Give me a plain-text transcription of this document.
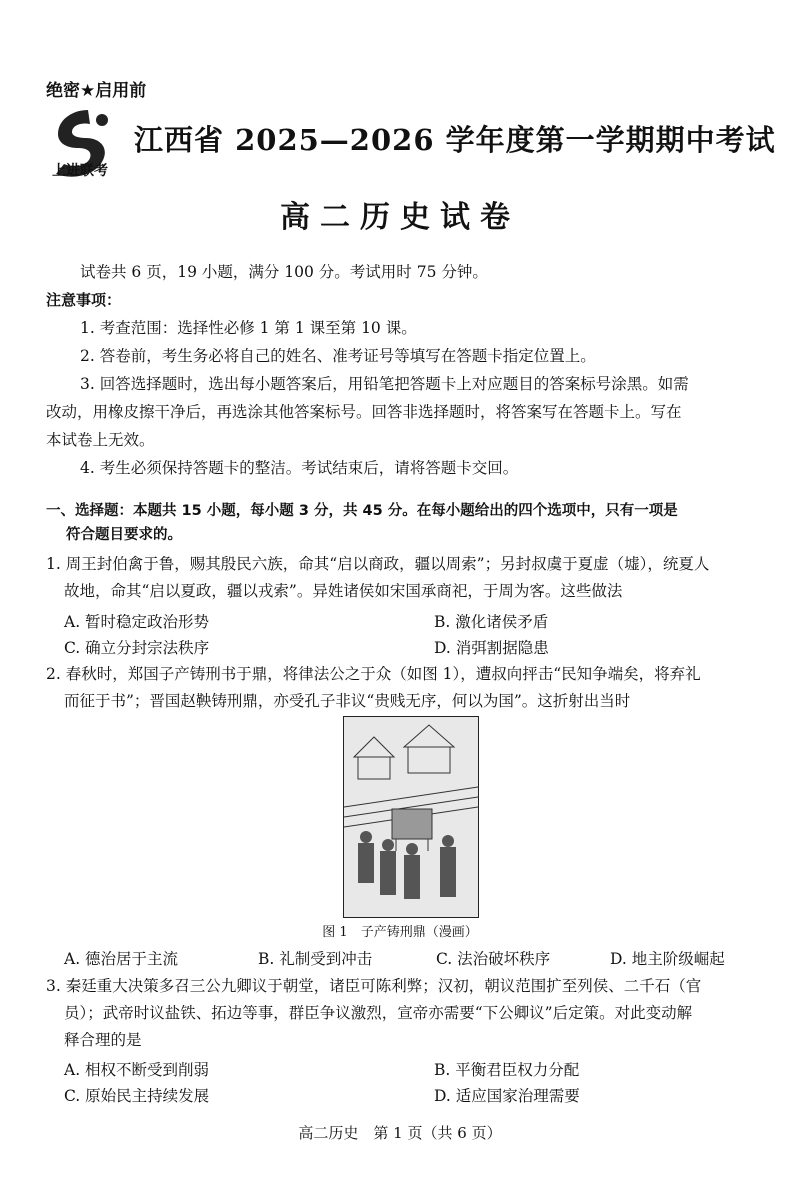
绝密★启用前
上进联考
江西省 2025—2026 学年度第一学期期中考试
高二历史试卷
试卷共 6 页，19 小题，满分 100 分。考试用时 75 分钟。
注意事项：
1. 考查范围：选择性必修 1 第 1 课至第 10 课。
2. 答卷前，考生务必将自己的姓名、准考证号等填写在答题卡指定位置上。
3. 回答选择题时，选出每小题答案后，用铅笔把答题卡上对应题目的答案标号涂黑。如需
改动，用橡皮擦干净后，再选涂其他答案标号。回答非选择题时，将答案写在答题卡上。写在
本试卷上无效。
4. 考生必须保持答题卡的整洁。考试结束后，请将答题卡交回。
一、选择题：本题共 15 小题，每小题 3 分，共 45 分。在每小题给出的四个选项中，只有一项是
符合题目要求的。
1. 周王封伯禽于鲁，赐其殷民六族，命其“启以商政，疆以周索”；另封叔虞于夏虚（墟），统夏人
故地，命其“启以夏政，疆以戎索”。异姓诸侯如宋国承商祀，于周为客。这些做法
A. 暂时稳定政治形势	B. 激化诸侯矛盾
C. 确立分封宗法秩序	D. 消弭割据隐患
2. 春秋时，郑国子产铸刑书于鼎，将律法公之于众（如图 1），遭叔向抨击“民知争端矣，将弃礼
而征于书”；晋国赵鞅铸刑鼎，亦受孔子非议“贵贱无序，何以为国”。这折射出当时
图 1　子产铸刑鼎（漫画）
A. 德治居于主流	B. 礼制受到冲击	C. 法治破坏秩序	D. 地主阶级崛起
3. 秦廷重大决策多召三公九卿议于朝堂，诸臣可陈利弊；汉初，朝议范围扩至列侯、二千石（官
员）；武帝时议盐铁、拓边等事，群臣争议激烈，宣帝亦需要“下公卿议”后定策。对此变动解
释合理的是
A. 相权不断受到削弱	B. 平衡君臣权力分配
C. 原始民主持续发展	D. 适应国家治理需要
高二历史　第 1 页（共 6 页）
